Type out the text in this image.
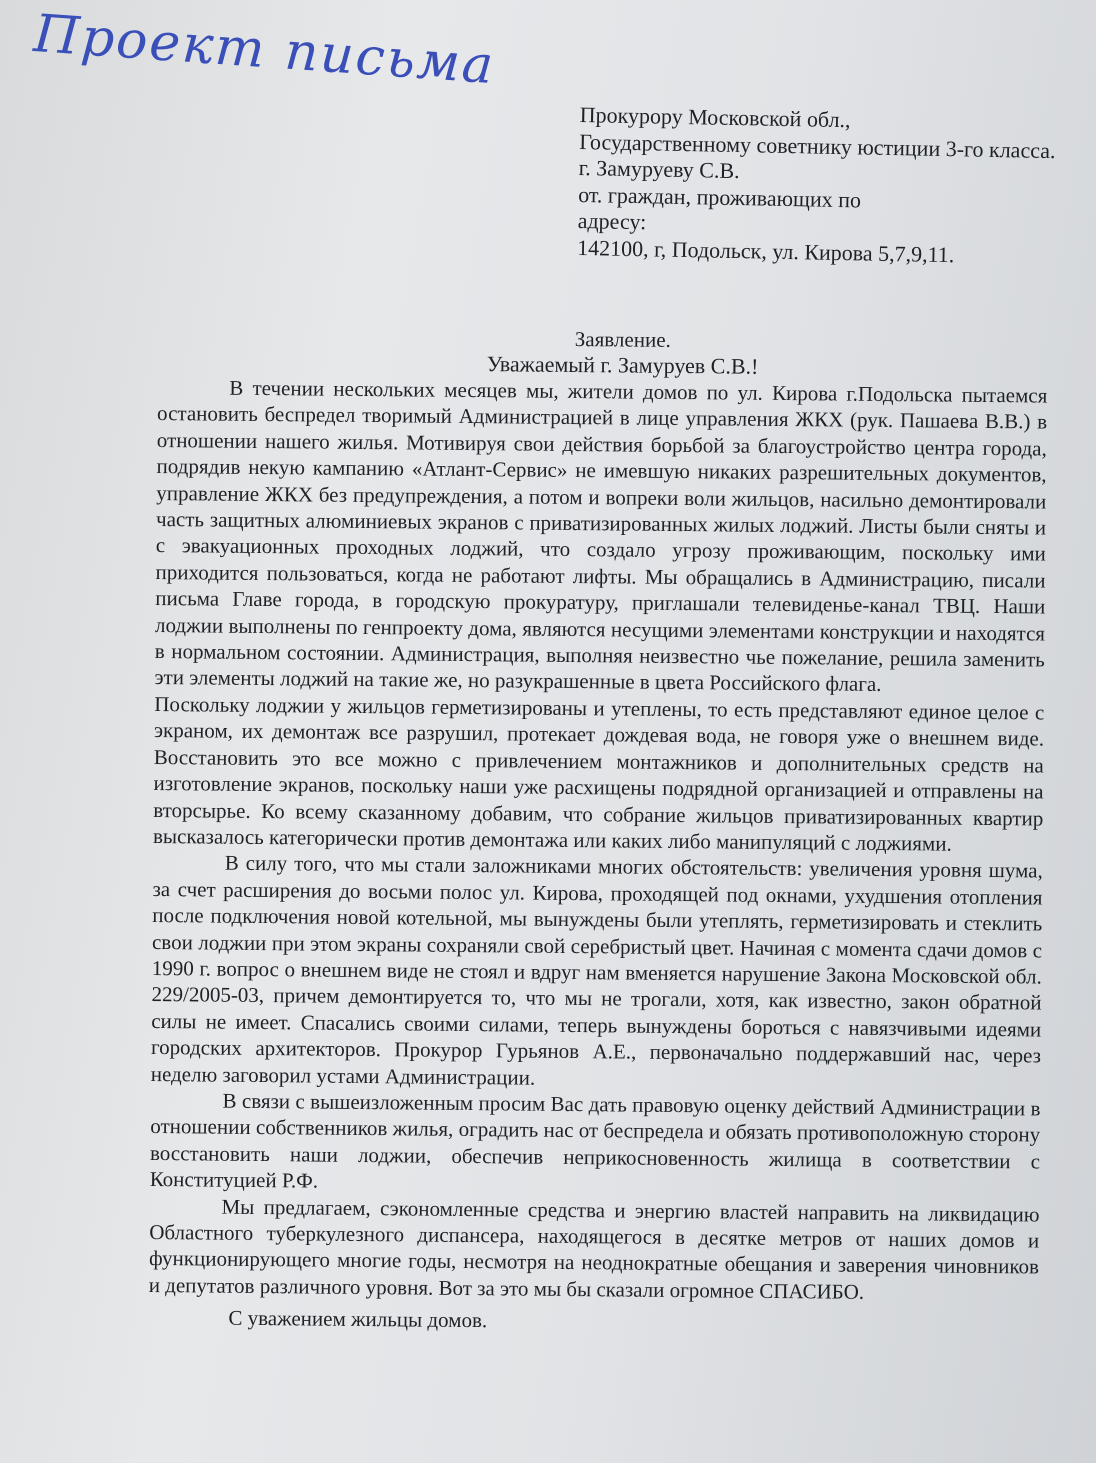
Проект письма
Прокурору Московской обл.,
Государственному советнику юстиции 3-го класса.
г. Замуруеву С.В.
от. граждан, проживающих по
адресу:
142100, г, Подольск, ул. Кирова 5,7,9,11.
Заявление.
Уважаемый г. Замуруев С.В.!

В течении нескольких месяцев мы, жители домов по ул. Кирова г.Подольска пытаемся остановить беспредел творимый Администрацией в лице управления ЖКХ (рук. Пашаева В.В.) в отношении нашего жилья. Мотивируя свои действия борьбой за благоустройство центра города, подрядив некую кампанию «Атлант-Сервис» не имевшую никаких разрешительных документов, управление ЖКХ без предупреждения, а потом и вопреки воли жильцов, насильно демонтировали часть защитных алюминиевых экранов с приватизированных жилых лоджий. Листы были сняты и с эвакуационных проходных лоджий, что создало угрозу проживающим, поскольку ими приходится пользоваться, когда не работают лифты. Мы обращались в Администрацию, писали письма Главе города, в городскую прокуратуру, приглашали телевиденье-канал ТВЦ. Наши лоджии выполнены по генпроекту дома, являются несущими элементами конструкции и находятся в нормальном состоянии. Администрация, выполняя неизвестно чье пожелание, решила заменить эти элементы лоджий на такие же, но разукрашенные в цвета Российского флага.

Поскольку лоджии у жильцов герметизированы и утеплены, то есть представляют единое целое с экраном, их демонтаж все разрушил, протекает дождевая вода, не говоря уже о внешнем виде. Восстановить это все можно с привлечением монтажников и дополнительных средств на изготовление экранов, поскольку наши уже расхищены подрядной организацией и отправлены на вторсырье. Ко всему сказанному добавим, что собрание жильцов приватизированных квартир высказалось категорически против демонтажа или каких либо манипуляций с лоджиями.

В силу того, что мы стали заложниками многих обстоятельств: увеличения уровня шума, за счет расширения до восьми полос ул. Кирова, проходящей под окнами, ухудшения отопления после подключения новой котельной, мы вынуждены были утеплять, герметизировать и стеклить свои лоджии при этом экраны сохраняли свой серебристый цвет. Начиная с момента сдачи домов с 1990 г. вопрос о внешнем виде не стоял и вдруг нам вменяется нарушение Закона Московской обл. 229/2005-03, причем демонтируется то, что мы не трогали, хотя, как известно, закон обратной силы не имеет. Спасались своими силами, теперь вынуждены бороться с навязчивыми идеями городских архитекторов. Прокурор Гурьянов А.Е., первоначально поддержавший нас, через неделю заговорил устами Администрации.

В связи с вышеизложенным просим Вас дать правовую оценку действий Администрации в отношении собственников жилья, оградить нас от беспредела и обязать противоположную сторону восстановить наши лоджии, обеспечив неприкосновенность жилища в соответствии с Конституцией Р.Ф.

Мы предлагаем, сэкономленные средства и энергию властей направить на ликвидацию Областного туберкулезного диспансера, находящегося в десятке метров от наших домов и функционирующего многие годы, несмотря на неоднократные обещания и заверения чиновников и депутатов различного уровня. Вот за это мы бы сказали огромное СПАСИБО.

С уважением жильцы домов.
